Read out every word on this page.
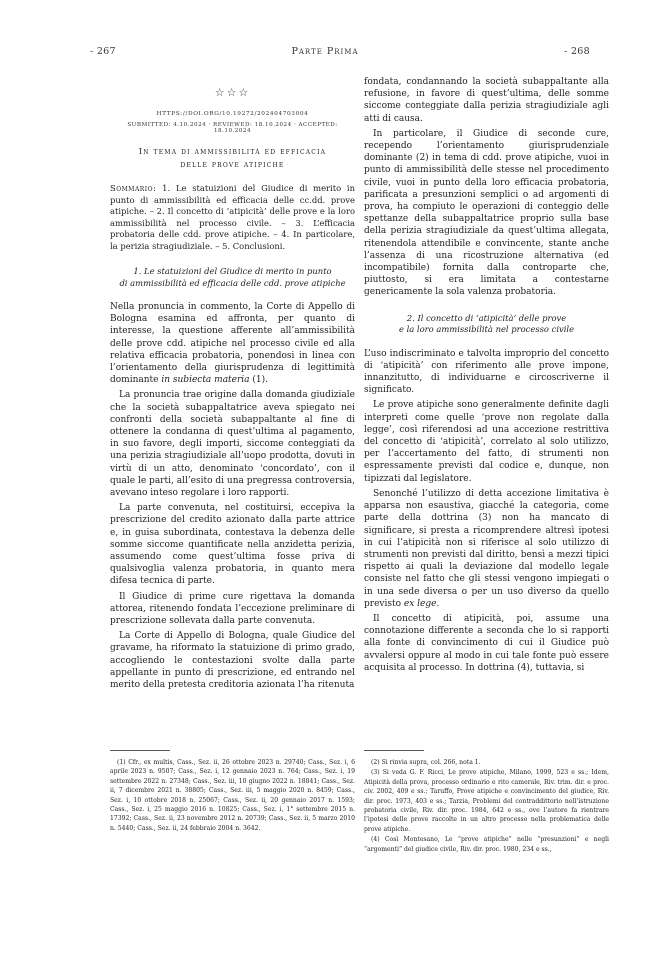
- 267	Parte Prima	- 268
☆☆☆
HTTPS://DOI.ORG/10.19272/202404703004
SUBMITTED: 4.10.2024 · REVIEWED: 18.10.2024 · ACCEPTED: 18.10.2024
In tema di ammissibilità ed efficacia
delle prove atipiche

Sommario: 1. Le statuizioni del Giudice di merito in punto di ammissibilità ed efficacia delle cc.dd. prove atipiche. – 2. Il concetto di ‘atipicità’ delle prove e la loro ammissibilità nel processo civile. – 3. L’efficacia probatoria delle cdd. prove atipiche. – 4. In particolare, la perizia stragiudiziale. – 5. Conclusioni.

1. Le statuizioni del Giudice di merito in punto
di ammissibilità ed efficacia delle cdd. prove atipiche

Nella pronuncia in commento, la Corte di Appello di Bologna esamina ed affronta, per quanto di interesse, la questione afferente all’ammissibilità delle prove cdd. atipiche nel processo civile ed alla relativa efficacia probatoria, ponendosi in linea con l’orientamento della giurisprudenza di legittimità dominante in subiecta materia (1).

La pronuncia trae origine dalla domanda giudiziale che la società subappaltatrice aveva spiegato nei confronti della società subappaltante al fine di ottenere la condanna di quest’ultima al pagamento, in suo favore, degli importi, siccome conteggiati da una perizia stragiudiziale all’uopo prodotta, dovuti in virtù di un atto, denominato ‘concordato’, con il quale le parti, all’esito di una pregressa controversia, avevano inteso regolare i loro rapporti.

La parte convenuta, nel costituirsi, eccepiva la prescrizione del credito azionato dalla parte attrice e, in guisa subordinata, contestava la debenza delle somme siccome quantificate nella anzidetta perizia, assumendo come quest’ultima fosse priva di qualsivoglia valenza probatoria, in quanto mera difesa tecnica di parte.

Il Giudice di prime cure rigettava la domanda attorea, ritenendo fondata l’eccezione preliminare di prescrizione sollevata dalla parte convenuta.

La Corte di Appello di Bologna, quale Giudice del gravame, ha riformato la statuizione di primo grado, accogliendo le contestazioni svolte dalla parte appellante in punto di prescrizione, ed entrando nel merito della pretesta creditoria azionata l’ha ritenuta

fondata, condannando la società subappaltante alla refusione, in favore di quest’ultima, delle somme siccome conteggiate dalla perizia stragiudiziale agli atti di causa.

In particolare, il Giudice di seconde cure, recependo l’orientamento giurisprudenziale dominante (2) in tema di cdd. prove atipiche, vuoi in punto di ammissibilità delle stesse nel procedimento civile, vuoi in punto della loro efficacia probatoria, parificata a presunzioni semplici o ad argomenti di prova, ha compiuto le operazioni di conteggio delle spettanze della subappaltatrice proprio sulla base della perizia stragiudiziale da quest’ultima allegata, ritenendola attendibile e convincente, stante anche l’assenza di una ricostruzione alternativa (ed incompatibile) fornita dalla controparte che, piuttosto, si era limitata a contestarne genericamente la sola valenza probatoria.

2. Il concetto di ‘atipicità’ delle prove
e la loro ammissibilità nel processo civile

L’uso indiscriminato e talvolta improprio del concetto di ‘atipicità’ con riferimento alle prove impone, innanzitutto, di individuarne e circoscriverne il significato.

Le prove atipiche sono generalmente definite dagli interpreti come quelle ‘prove non regolate dalla legge’, così riferendosi ad una accezione restrittiva del concetto di ‘atipicità’, correlato al solo utilizzo, per l’accertamento del fatto, di strumenti non espressamente previsti dal codice e, dunque, non tipizzati dal legislatore.

Senonché l’utilizzo di detta accezione limitativa è apparsa non esaustiva, giacché la categoria, come parte della dottrina (3) non ha mancato di significare, si presta a ricomprendere altresì ipotesi in cui l’atipicità non si riferisce al solo utilizzo di strumenti non previsti dal diritto, bensì a mezzi tipici rispetto ai quali la deviazione dal modello legale consiste nel fatto che gli stessi vengono impiegati o in una sede diversa o per un uso diverso da quello previsto ex lege.

Il concetto di atipicità, poi, assume una connotazione differente a seconda che lo si rapporti alla fonte di convincimento di cui il Giudice può avvalersi oppure al modo in cui tale fonte può essere acquisita al processo. In dottrina (4), tuttavia, si

(1) Cfr., ex multis, Cass., Sez. ii, 26 ottobre 2023 n. 29740; Cass., Sez. i, 6 aprile 2023 n. 9507; Cass., Sez. i, 12 gennaio 2023 n. 764; Cass., Sez. i, 19 settembre 2022 n. 27348; Cass., Sez. iii, 10 giugno 2022 n. 18841; Cass., Sez. ii, 7 dicembre 2021 n. 38805; Cass., Sez. iii, 5 maggio 2020 n. 8459; Cass., Sez. i, 10 ottobre 2018 n. 25067; Cass., Sez. ii, 20 gennaio 2017 n. 1593; Cass., Sez. i, 25 maggio 2016 n. 10825; Cass., Sez. i, 1° settembre 2015 n. 17392; Cass., Sez. ii, 23 novembre 2012 n. 20739; Cass., Sez. ii, 5 marzo 2010 n. 5440; Cass., Sez. ii, 24 febbraio 2004 n. 3642.

(2) Si rinvia supra, col. 266, nota 1.

(3) Si veda G. F. Ricci, Le prove atipiche, Milano, 1999, 523 e ss.; Idem, Atipicità della prova, processo ordinario e rito camerale, Riv. trim. dir. e proc. civ. 2002, 409 e ss.; Taruffo, Prove atipiche e convincimento del giudice, Riv. dir. proc. 1973, 403 e ss.; Tarzia, Problemi del contraddittorio nell’istruzione probatoria civile, Riv. dir. proc. 1984, 642 e ss., ove l’autore fa rientrare l’ipotesi delle prove raccolte in un altro processo nella problematica delle prove atipiche.

(4) Così Montesano, Le “prove atipiche” nelle “presunzioni” e negli “argomenti” del giudice civile, Riv. dir. proc. 1980, 234 e ss.,
